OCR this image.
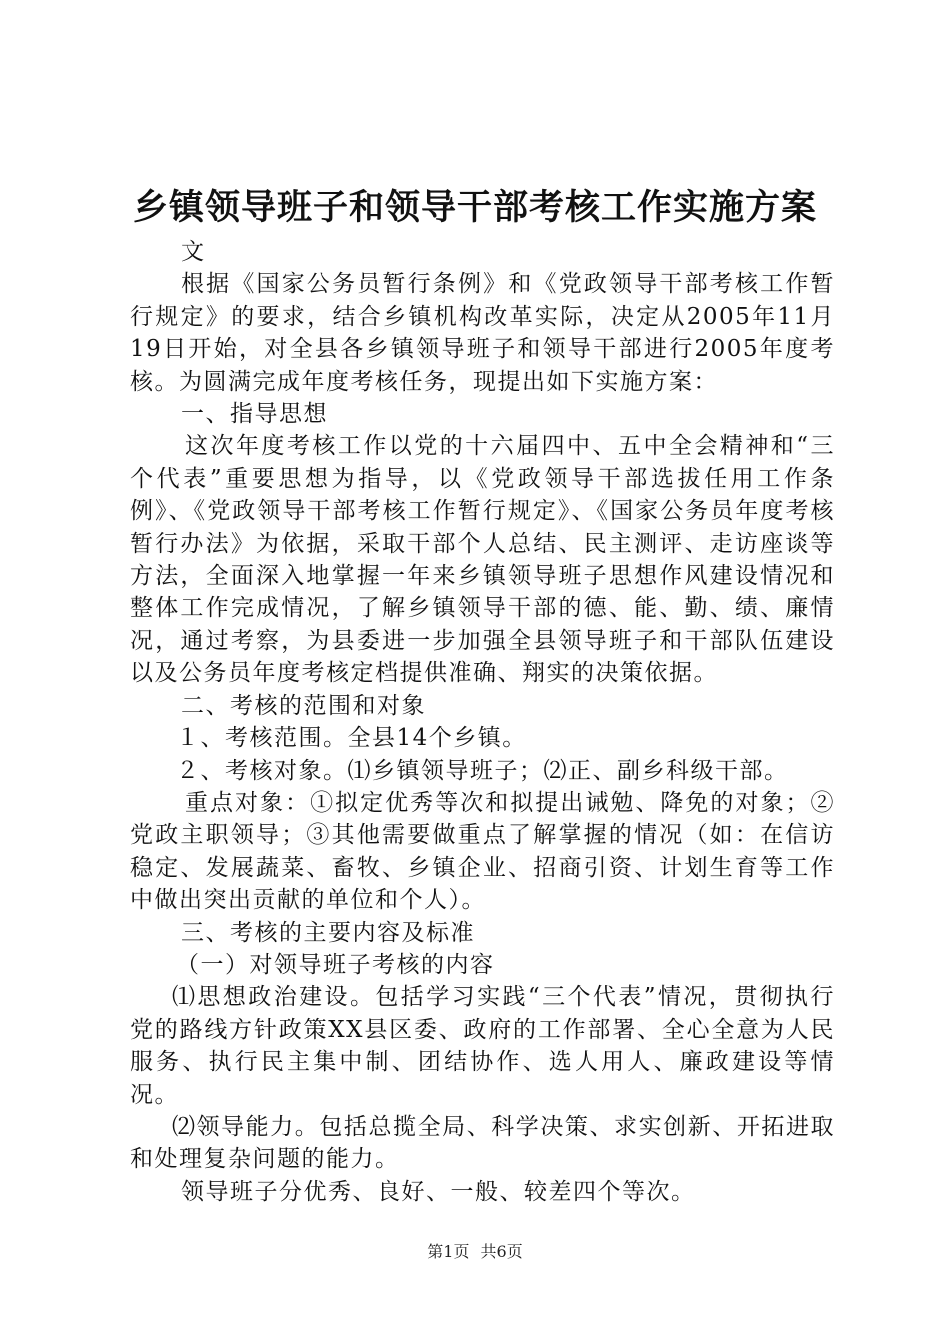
乡镇领导班子和领导干部考核工作实施方案

文

根据《国家公务员暂行条例》和《党政领导干部考核工作暂行规定》的要求，结合乡镇机构改革实际，决定从2005年11月19日开始，对全县各乡镇领导班子和领导干部进行2005年度考核。为圆满完成年度考核任务，现提出如下实施方案：

一、指导思想

这次年度考核工作以党的十六届四中、五中全会精神和“三个代表”重要思想为指导，以《党政领导干部选拔任用工作条例》、《党政领导干部考核工作暂行规定》、《国家公务员年度考核暂行办法》为依据，采取干部个人总结、民主测评、走访座谈等方法，全面深入地掌握一年来乡镇领导班子思想作风建设情况和整体工作完成情况，了解乡镇领导干部的德、能、勤、绩、廉情况，通过考察，为县委进一步加强全县领导班子和干部队伍建设以及公务员年度考核定档提供准确、翔实的决策依据。

二、考核的范围和对象

１、考核范围。全县14个乡镇。

２、考核对象。⑴乡镇领导班子；⑵正、副乡科级干部。

重点对象：①拟定优秀等次和拟提出诫勉、降免的对象；②党政主职领导；③其他需要做重点了解掌握的情况（如：在信访稳定、发展蔬菜、畜牧、乡镇企业、招商引资、计划生育等工作中做出突出贡献的单位和个人）。

三、考核的主要内容及标准

（一）对领导班子考核的内容

⑴思想政治建设。包括学习实践“三个代表”情况，贯彻执行党的路线方针政策XX县区委、政府的工作部署、全心全意为人民服务、执行民主集中制、团结协作、选人用人、廉政建设等情况。

⑵领导能力。包括总揽全局、科学决策、求实创新、开拓进取和处理复杂问题的能力。

领导班子分优秀、良好、一般、较差四个等次。

第1页 共6页
